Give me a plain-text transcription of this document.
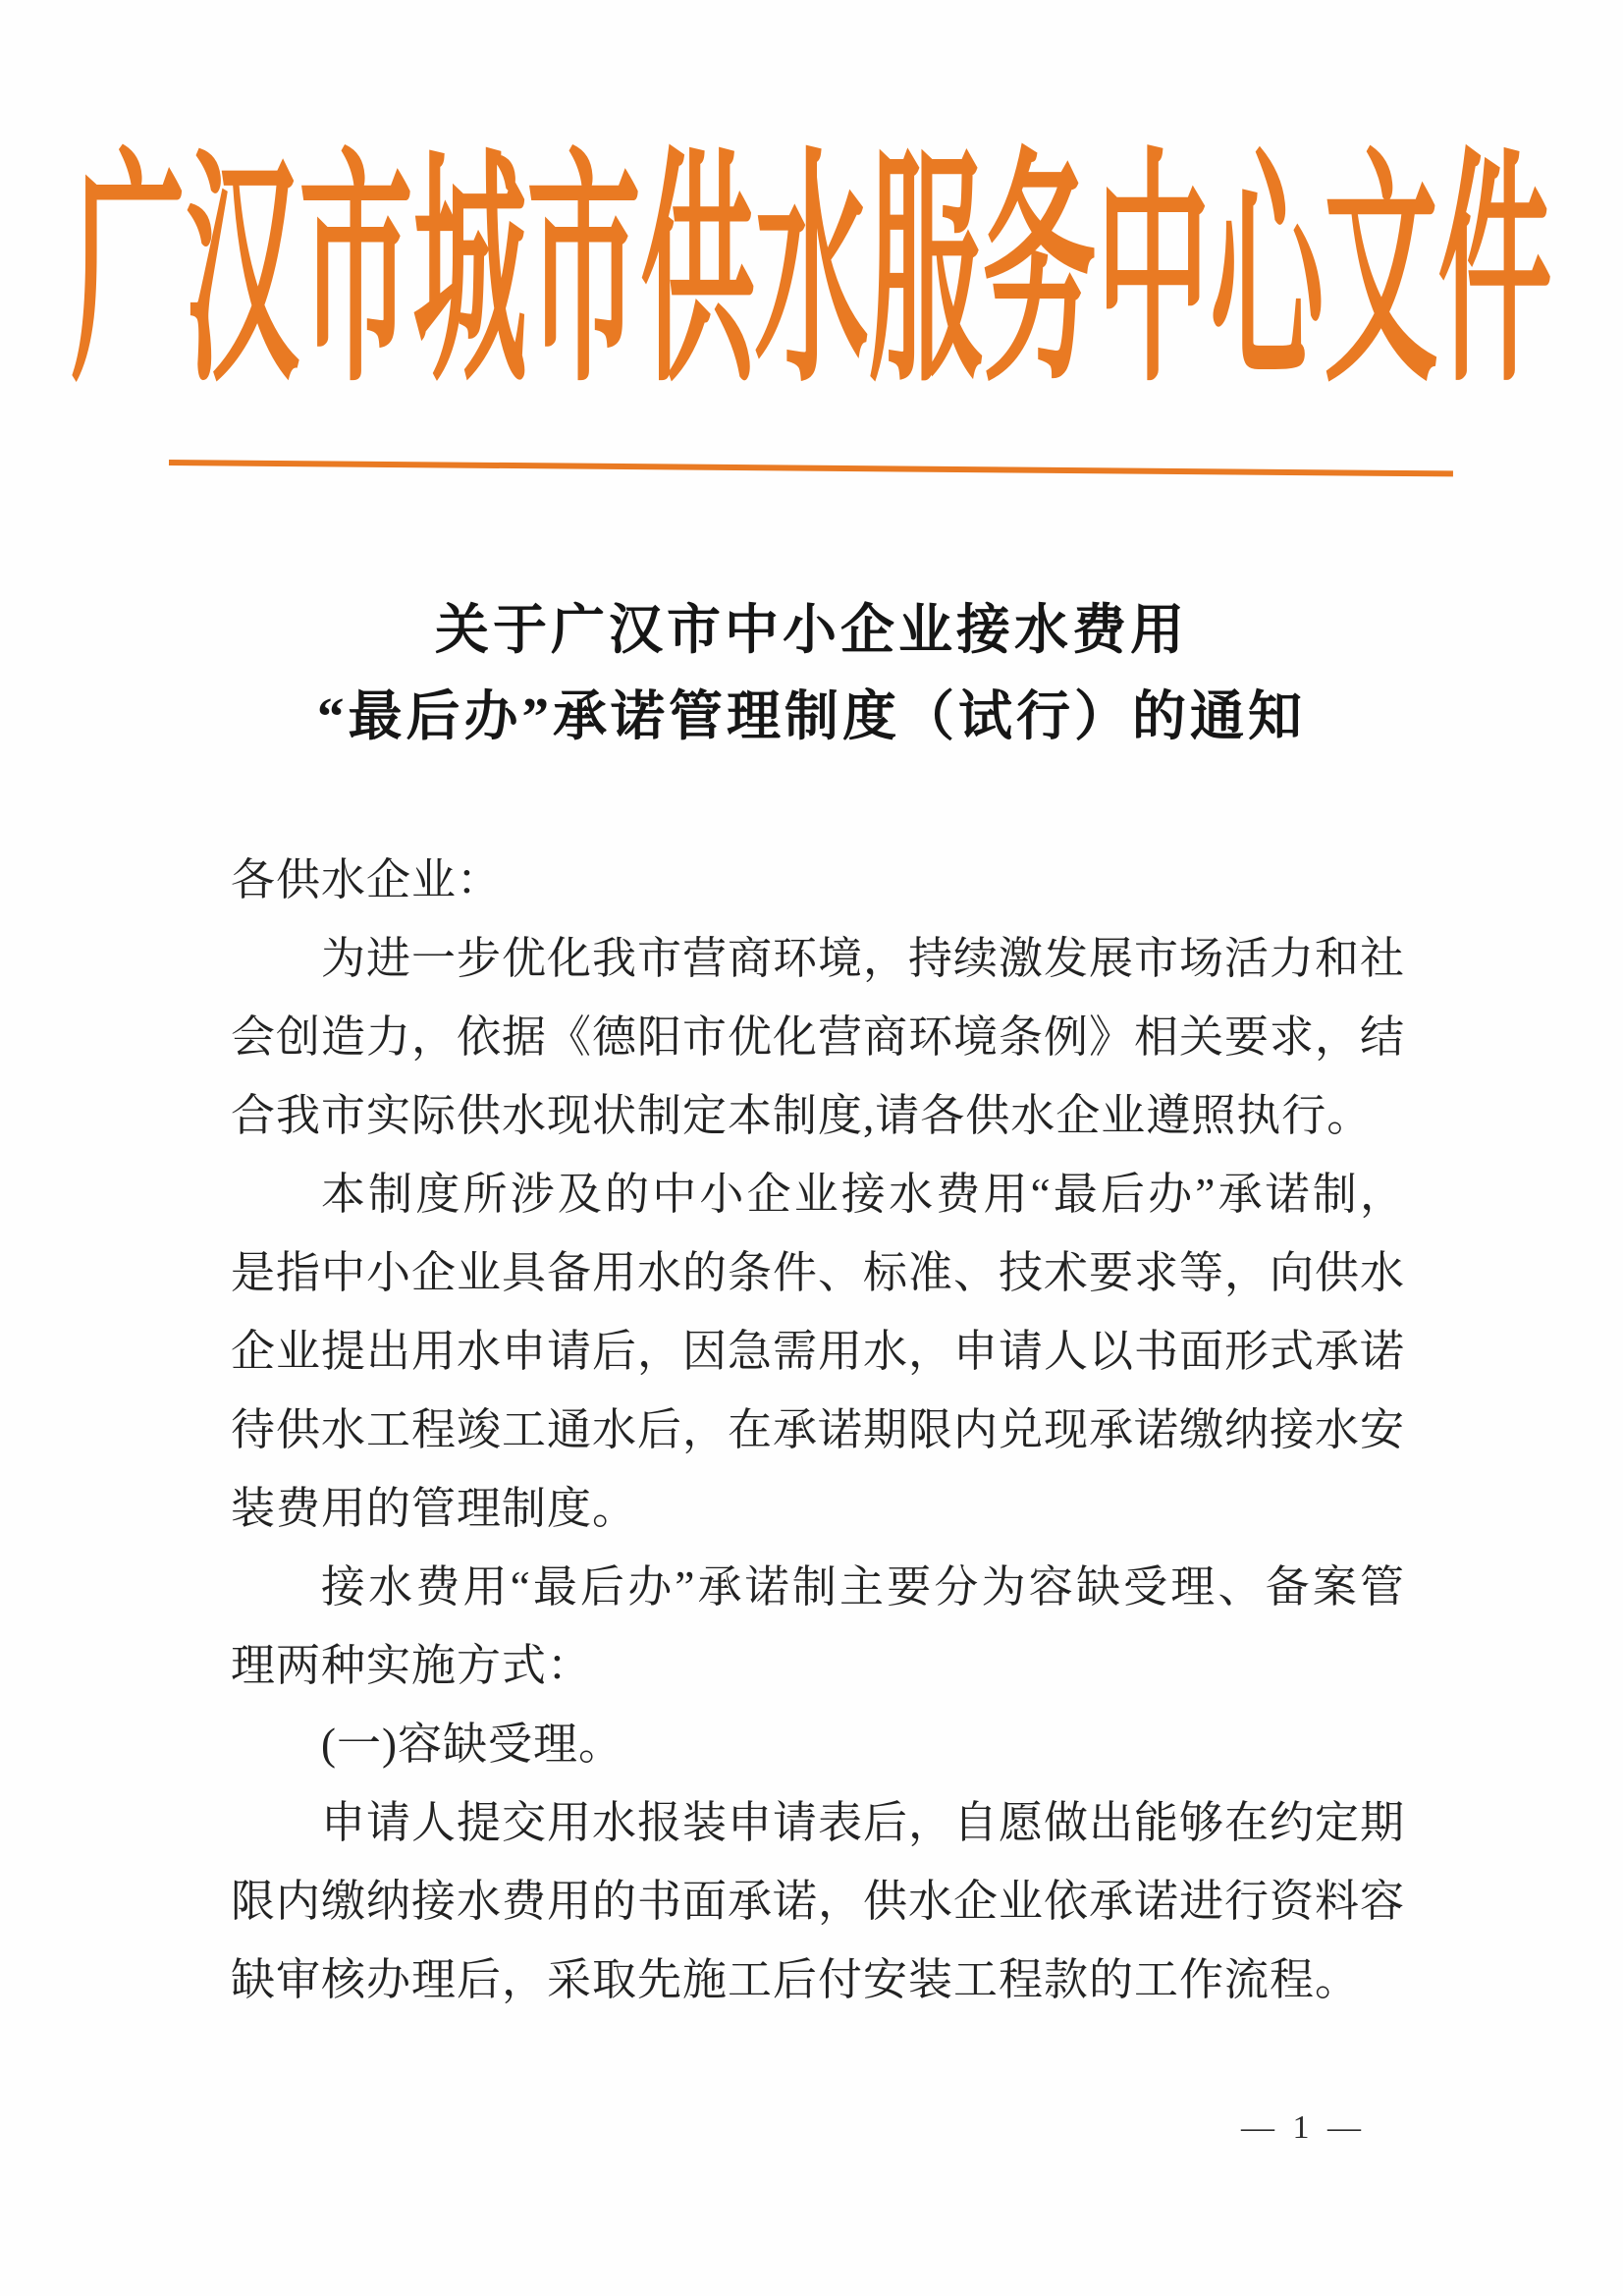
广汉市城市供水服务中心文件
关于广汉市中小企业接水费用
“最后办”承诺管理制度（试行）的通知
各供水企业：
为进一步优化我市营商环境，持续激发展市场活力和社
会创造力，依据《德阳市优化营商环境条例》相关要求，结
合我市实际供水现状制定本制度,请各供水企业遵照执行。
本制度所涉及的中小企业接水费用“最后办”承诺制，
是指中小企业具备用水的条件、标准、技术要求等，向供水
企业提出用水申请后，因急需用水，申请人以书面形式承诺
待供水工程竣工通水后，在承诺期限内兑现承诺缴纳接水安
装费用的管理制度。
接水费用“最后办”承诺制主要分为容缺受理、备案管
理两种实施方式：
(一)容缺受理。
申请人提交用水报装申请表后，自愿做出能够在约定期
限内缴纳接水费用的书面承诺，供水企业依承诺进行资料容
缺审核办理后，采取先施工后付安装工程款的工作流程。
— 1 —
